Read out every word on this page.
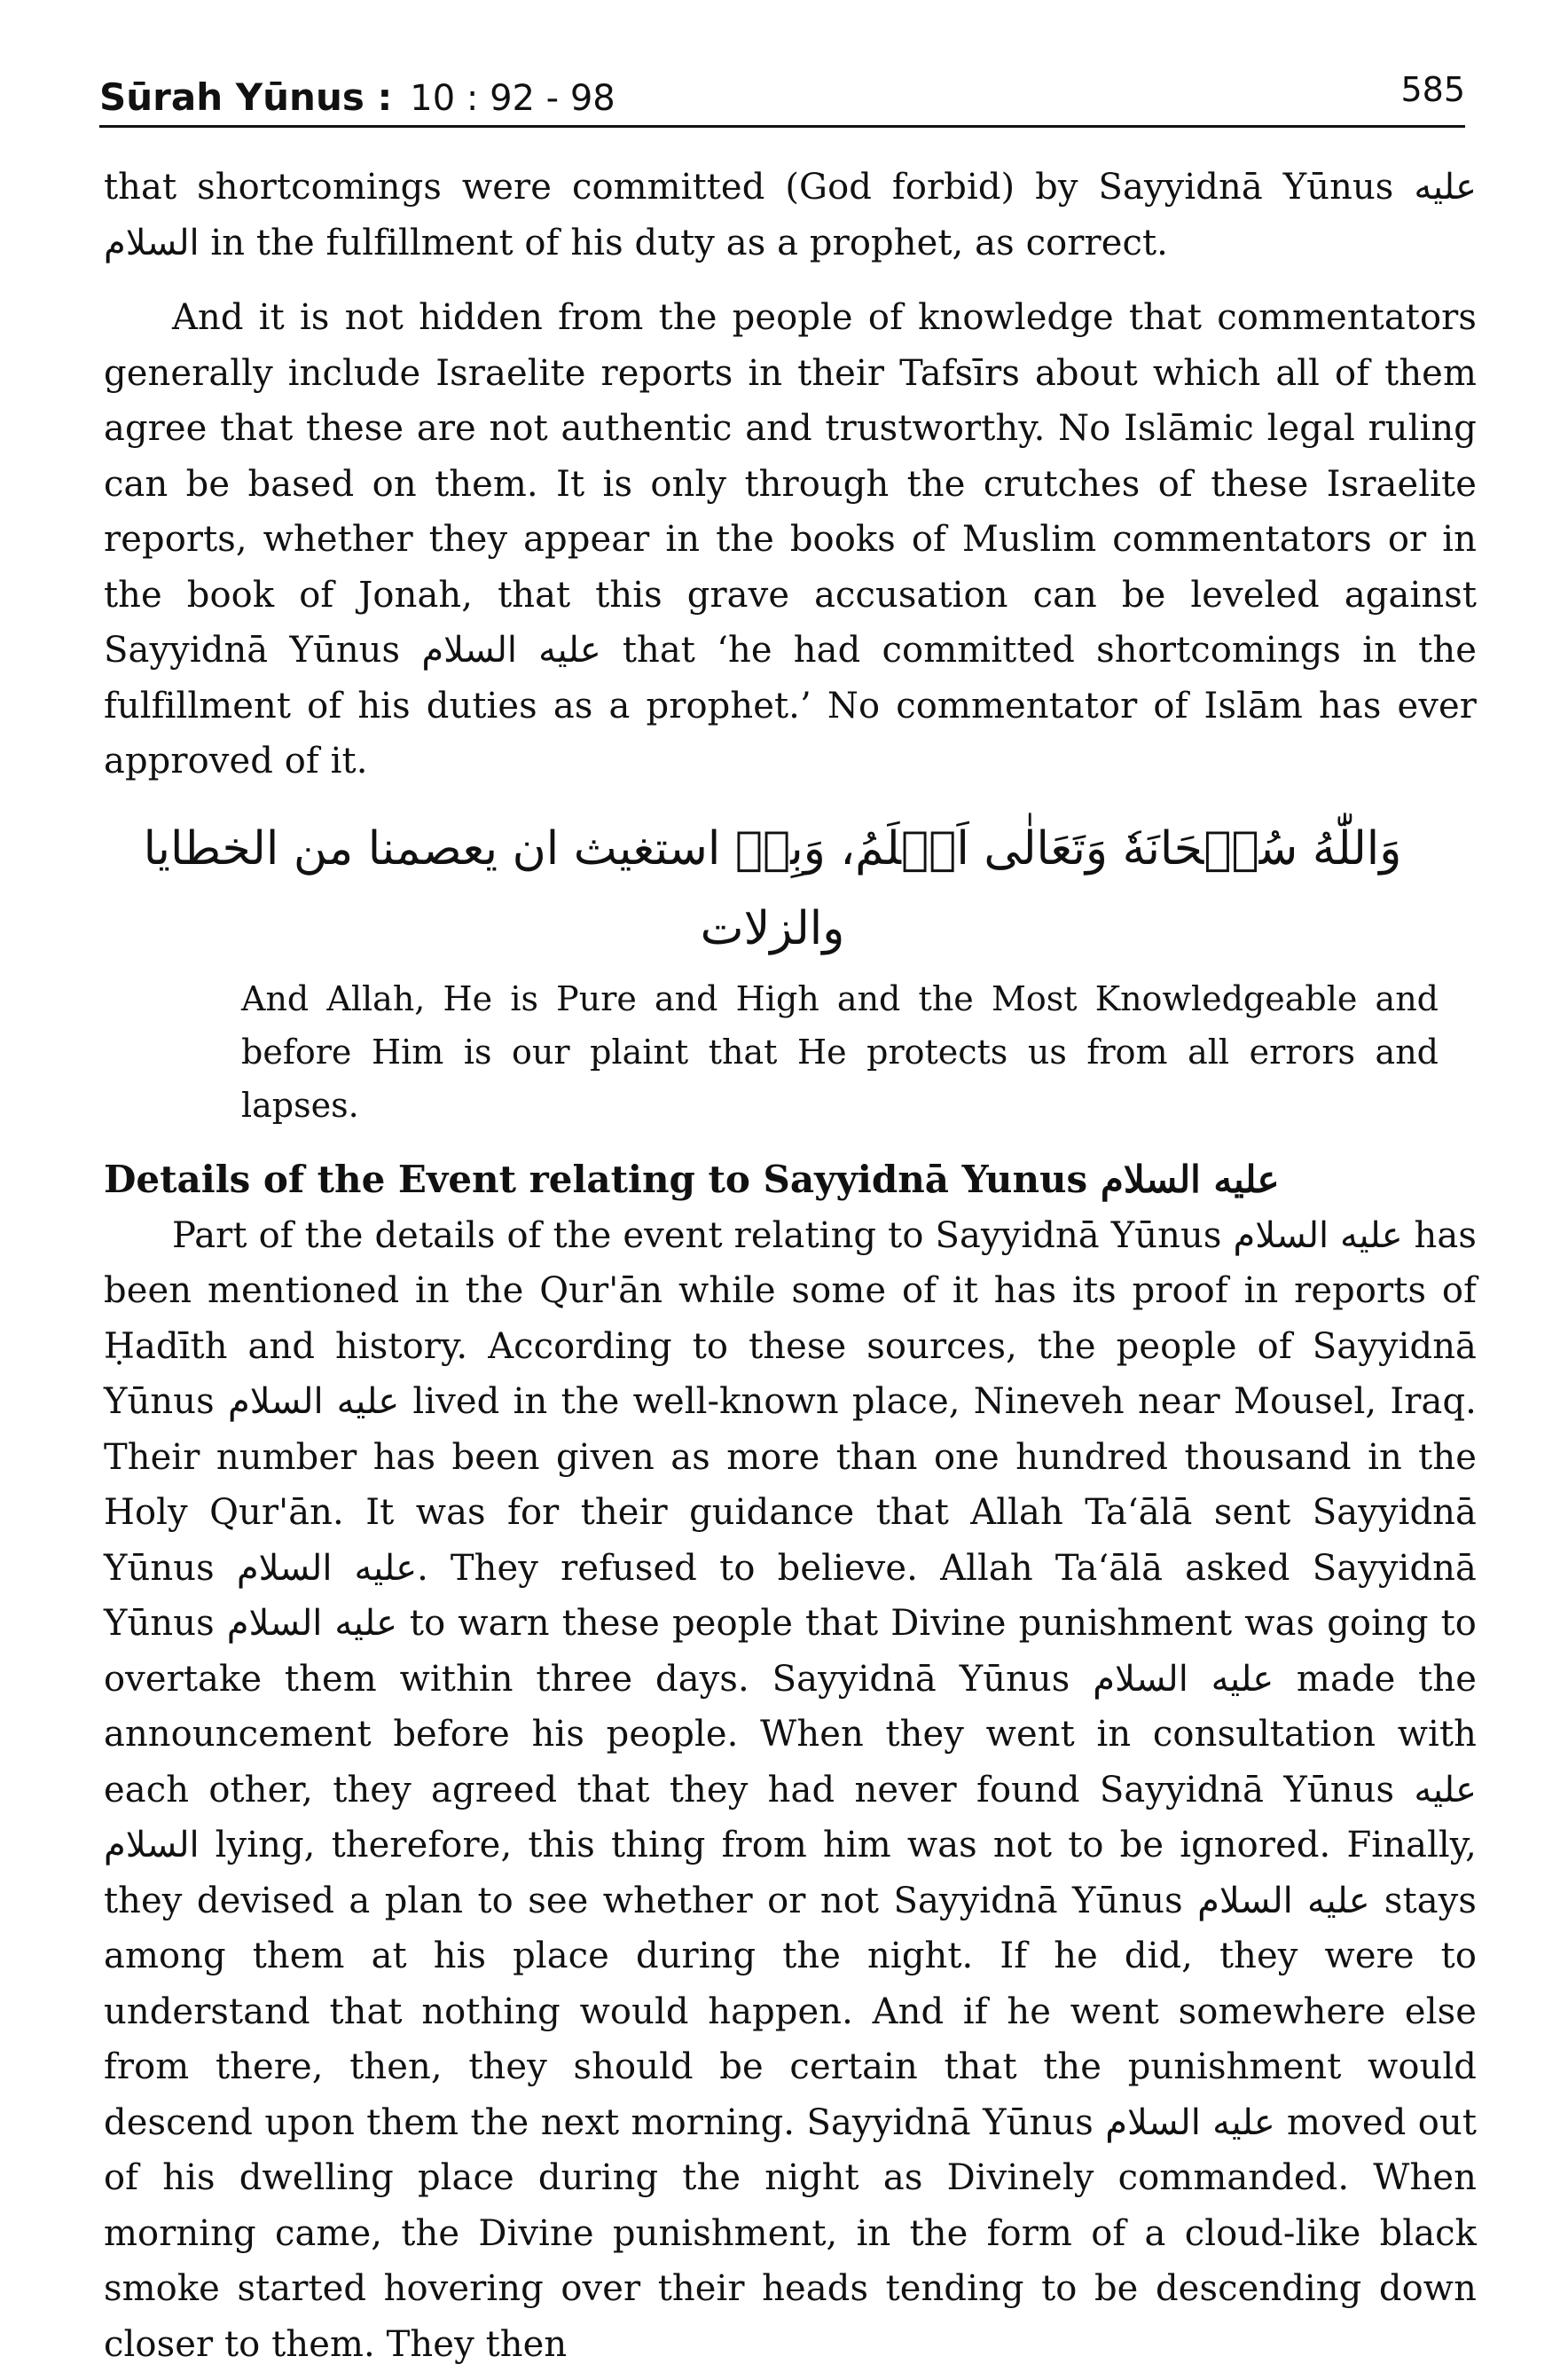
Sūrah Yūnus : 10 : 92 - 98	585

that shortcomings were committed (God forbid) by Sayyidnā Yūnus عليه السلام in the fulfillment of his duty as a prophet, as correct.

And it is not hidden from the people of knowledge that commentators generally include Israelite reports in their Tafsīrs about which all of them agree that these are not authentic and trustworthy. No Islāmic legal ruling can be based on them. It is only through the crutches of these Israelite reports, whether they appear in the books of Muslim commentators or in the book of Jonah, that this grave accusation can be leveled against Sayyidnā Yūnus عليه السلام that ‘he had committed shortcomings in the fulfillment of his duties as a prophet.’ No commentator of Islām has ever approved of it.

وَاللّٰهُ سُبۡحَانَهٗ وَتَعَالٰى اَعۡلَمُ، وَبِهٖ استغيث ان يعصمنا من الخطايا والزلات

And Allah, He is Pure and High and the Most Knowledgeable and before Him is our plaint that He protects us from all errors and lapses.

Details of the Event relating to Sayyidnā Yunus عليه السلام

Part of the details of the event relating to Sayyidnā Yūnus عليه السلام has been mentioned in the Qur'ān while some of it has its proof in reports of Ḥadīth and history. According to these sources, the people of Sayyidnā Yūnus عليه السلام lived in the well-known place, Nineveh near Mousel, Iraq. Their number has been given as more than one hundred thousand in the Holy Qur'ān. It was for their guidance that Allah Ta‘ālā sent Sayyidnā Yūnus عليه السلام. They refused to believe. Allah Ta‘ālā asked Sayyidnā Yūnus عليه السلام to warn these people that Divine punishment was going to overtake them within three days. Sayyidnā Yūnus عليه السلام made the announcement before his people. When they went in consultation with each other, they agreed that they had never found Sayyidnā Yūnus عليه السلام lying, therefore, this thing from him was not to be ignored. Finally, they devised a plan to see whether or not Sayyidnā Yūnus عليه السلام stays among them at his place during the night. If he did, they were to understand that nothing would happen. And if he went somewhere else from there, then, they should be certain that the punishment would descend upon them the next morning. Sayyidnā Yūnus عليه السلام moved out of his dwelling place during the night as Divinely commanded. When morning came, the Divine punishment, in the form of a cloud-like black smoke started hovering over their heads tending to be descending down closer to them. They then
